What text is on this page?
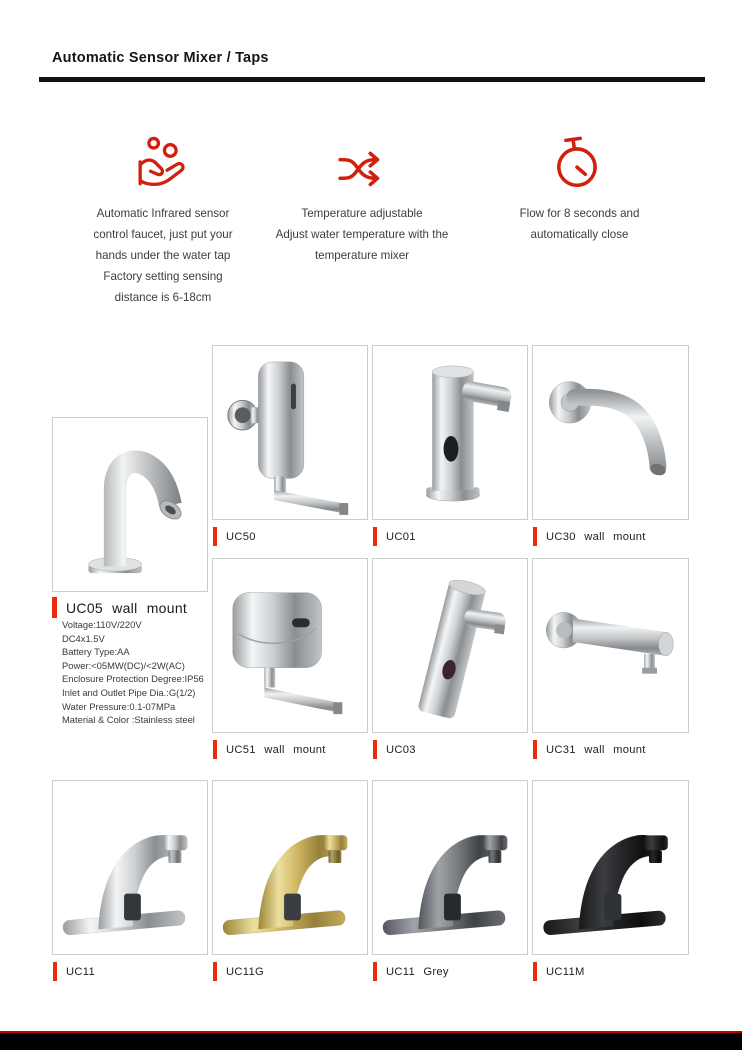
Automatic Sensor Mixer / Taps
Automatic Infrared sensor
control faucet, just put your
hands under the water tap
Factory setting sensing
distance is 6-18cm
Temperature adjustable
Adjust water temperature with the
temperature mixer
Flow for 8 seconds and
automatically close
UC50	UC01	UC30 wall mount
UC05 wall mount
Voltage:110V/220V
DC4x1.5V
Battery Type:AA
Power:<05MW(DC)/<2W(AC)
Enclosure Protection Degree:IP56
Inlet and Outlet Pipe Dia.:G(1/2)
Water Pressure:0.1-07MPa
Material & Color :Stainless steel
UC51 wall mount	UC03	UC31 wall mount
UC11	UC11G	UC11 Grey	UC11M
